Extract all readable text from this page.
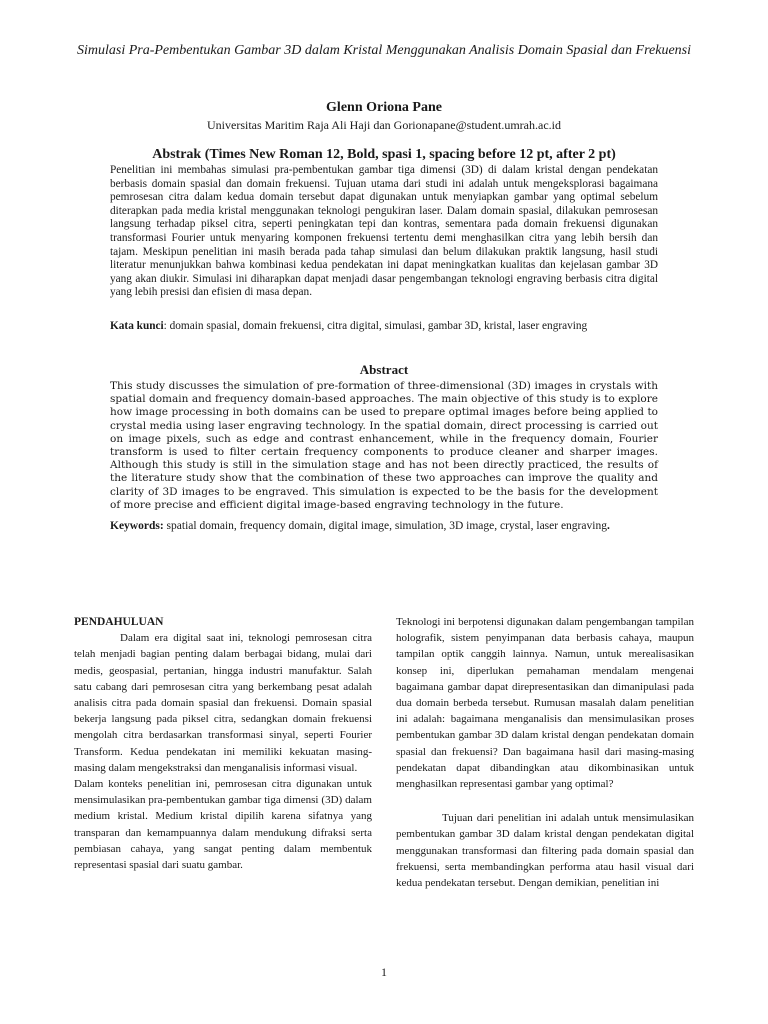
Simulasi Pra-Pembentukan Gambar 3D dalam Kristal Menggunakan Analisis Domain Spasial dan Frekuensi
Glenn Oriona Pane
Universitas Maritim Raja Ali Haji dan Gorionapane@student.umrah.ac.id
Abstrak (Times New Roman 12, Bold, spasi 1, spacing before 12 pt, after 2 pt)

Penelitian ini membahas simulasi pra-pembentukan gambar tiga dimensi (3D) di dalam kristal dengan pendekatan berbasis domain spasial dan domain frekuensi. Tujuan utama dari studi ini adalah untuk mengeksplorasi bagaimana pemrosesan citra dalam kedua domain tersebut dapat digunakan untuk menyiapkan gambar yang optimal sebelum diterapkan pada media kristal menggunakan teknologi pengukiran laser. Dalam domain spasial, dilakukan pemrosesan langsung terhadap piksel citra, seperti peningkatan tepi dan kontras, sementara pada domain frekuensi digunakan transformasi Fourier untuk menyaring komponen frekuensi tertentu demi menghasilkan citra yang lebih bersih dan tajam. Meskipun penelitian ini masih berada pada tahap simulasi dan belum dilakukan praktik langsung, hasil studi literatur menunjukkan bahwa kombinasi kedua pendekatan ini dapat meningkatkan kualitas dan kejelasan gambar 3D yang akan diukir. Simulasi ini diharapkan dapat menjadi dasar pengembangan teknologi engraving berbasis citra digital yang lebih presisi dan efisien di masa depan.

Kata kunci: domain spasial, domain frekuensi, citra digital, simulasi, gambar 3D, kristal, laser engraving

Abstract

This study discusses the simulation of pre-formation of three-dimensional (3D) images in crystals with spatial domain and frequency domain-based approaches. The main objective of this study is to explore how image processing in both domains can be used to prepare optimal images before being applied to crystal media using laser engraving technology. In the spatial domain, direct processing is carried out on image pixels, such as edge and contrast enhancement, while in the frequency domain, Fourier transform is used to filter certain frequency components to produce cleaner and sharper images. Although this study is still in the simulation stage and has not been directly practiced, the results of the literature study show that the combination of these two approaches can improve the quality and clarity of 3D images to be engraved. This simulation is expected to be the basis for the development of more precise and efficient digital image-based engraving technology in the future.

Keywords: spatial domain, frequency domain, digital image, simulation, 3D image, crystal, laser engraving.

PENDAHULUAN

Dalam era digital saat ini, teknologi pemrosesan citra telah menjadi bagian penting dalam berbagai bidang, mulai dari medis, geospasial, pertanian, hingga industri manufaktur. Salah satu cabang dari pemrosesan citra yang berkembang pesat adalah analisis citra pada domain spasial dan frekuensi. Domain spasial bekerja langsung pada piksel citra, sedangkan domain frekuensi mengolah citra berdasarkan transformasi sinyal, seperti Fourier Transform. Kedua pendekatan ini memiliki kekuatan masing-masing dalam mengekstraksi dan menganalisis informasi visual.

Dalam konteks penelitian ini, pemrosesan citra digunakan untuk mensimulasikan pra-pembentukan gambar tiga dimensi (3D) dalam medium kristal. Medium kristal dipilih karena sifatnya yang transparan dan kemampuannya dalam mendukung difraksi serta pembiasan cahaya, yang sangat penting dalam membentuk representasi spasial dari suatu gambar.

Teknologi ini berpotensi digunakan dalam pengembangan tampilan holografik, sistem penyimpanan data berbasis cahaya, maupun tampilan optik canggih lainnya. Namun, untuk merealisasikan konsep ini, diperlukan pemahaman mendalam mengenai bagaimana gambar dapat direpresentasikan dan dimanipulasi pada dua domain berbeda tersebut. Rumusan masalah dalam penelitian ini adalah: bagaimana menganalisis dan mensimulasikan proses pembentukan gambar 3D dalam kristal dengan pendekatan domain spasial dan frekuensi? Dan bagaimana hasil dari masing-masing pendekatan dapat dibandingkan atau dikombinasikan untuk menghasilkan representasi gambar yang optimal?

Tujuan dari penelitian ini adalah untuk mensimulasikan pembentukan gambar 3D dalam kristal dengan pendekatan digital menggunakan transformasi dan filtering pada domain spasial dan frekuensi, serta membandingkan performa atau hasil visual dari kedua pendekatan tersebut. Dengan demikian, penelitian ini

1
